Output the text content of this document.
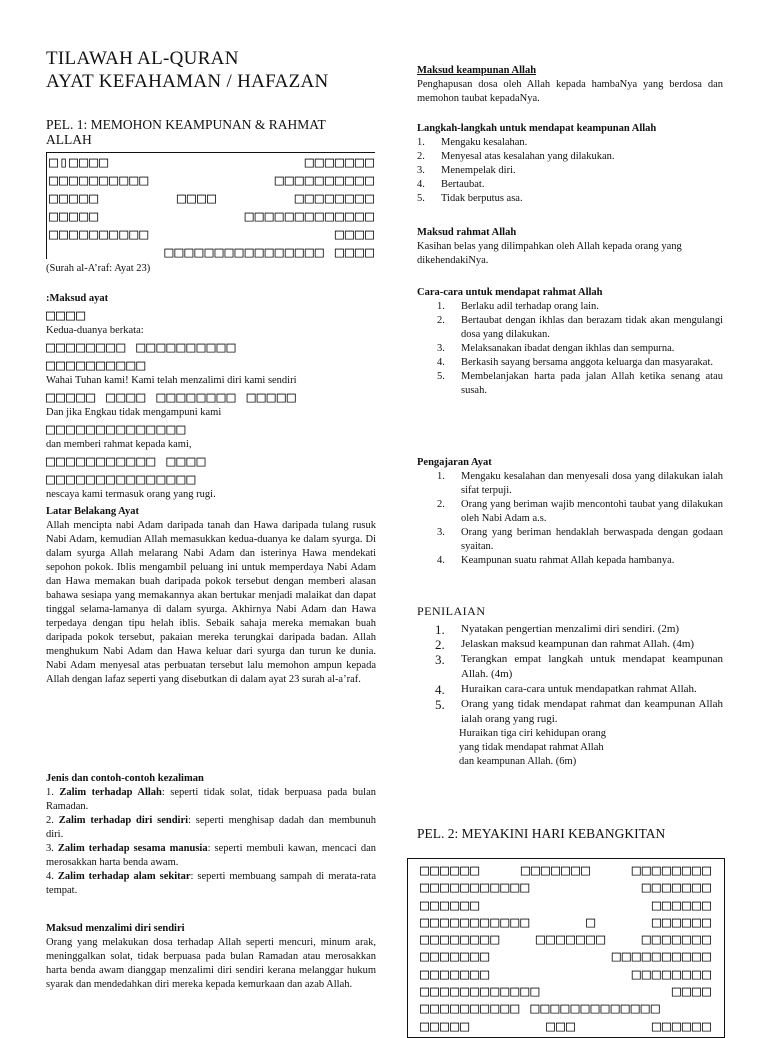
TILAWAH AL-QURAN
AYAT KEFAHAMAN / HAFAZAN

PEL. 1: MEMOHON KEAMPUNAN & RAHMAT ALLAH

□▯□□□□	□□□□□□□
□□□□□□□□□□	□□□□□□□□□□
□□□□□	□□□□	□□□□□□□□
□□□□□	□□□□□□□□□□□□□
□□□□□□□□□□	□□□□
□□□□□□□□□□□□□□□□ □□□□

(Surah al-A’raf: Ayat 23)

:Maksud ayat

□□□□
Kedua-duanya berkata:
□□□□□□□□ □□□□□□□□□□
□□□□□□□□□□
Wahai Tuhan kami! Kami telah menzalimi diri kami sendiri
□□□□□ □□□□ □□□□□□□□ □□□□□
Dan jika Engkau tidak mengampuni kami
□□□□□□□□□□□□□□
dan memberi rahmat kepada kami,
□□□□□□□□□□□ □□□□
□□□□□□□□□□□□□□□
nescaya kami termasuk orang yang rugi.

Latar Belakang Ayat

Allah mencipta nabi Adam daripada tanah dan Hawa daripada tulang rusuk Nabi Adam, kemudian Allah memasukkan kedua-duanya ke dalam syurga. Di dalam syurga Allah melarang Nabi Adam dan isterinya Hawa mendekati sepohon pokok. Iblis mengambil peluang ini untuk memperdaya Nabi Adam dan Hawa memakan buah daripada pokok tersebut dengan memberi alasan bahawa sesiapa yang memakannya akan bertukar menjadi malaikat dan dapat tinggal selama-lamanya di dalam syurga. Akhirnya Nabi Adam dan Hawa terpedaya dengan tipu helah iblis. Sebaik sahaja mereka memakan buah daripada pokok tersebut, pakaian mereka terungkai daripada badan. Allah menghukum Nabi Adam dan Hawa keluar dari syurga dan turun ke dunia. Nabi Adam menyesal atas perbuatan tersebut lalu memohon ampun kepada Allah dengan lafaz seperti yang disebutkan di dalam ayat 23 surah al-a’raf.

Jenis dan contoh-contoh kezaliman

1. Zalim terhadap Allah: seperti tidak solat, tidak berpuasa pada bulan Ramadan.

2. Zalim terhadap diri sendiri: seperti menghisap dadah dan membunuh diri.

3. Zalim terhadap sesama manusia: seperti membuli kawan, mencaci dan merosakkan harta benda awam.

4. Zalim terhadap alam sekitar: seperti membuang sampah di merata-rata tempat.

Maksud menzalimi diri sendiri

Orang yang melakukan dosa terhadap Allah seperti mencuri, minum arak, meninggalkan solat, tidak berpuasa pada bulan Ramadan atau merosakkan harta benda awam dianggap menzalimi diri sendiri kerana melanggar hukum syarak dan mendedahkan diri mereka kepada kemurkaan dan azab Allah.

Maksud keampunan Allah

Penghapusan dosa oleh Allah kepada hambaNya yang berdosa dan memohon taubat kepadaNya.

Langkah-langkah untuk mendapat keampunan Allah

1.	Mengaku kesalahan.
2.	Menyesal atas kesalahan yang dilakukan.
3.	Menempelak diri.
4.	Bertaubat.
5.	Tidak berputus asa.

Maksud rahmat Allah

Kasihan belas yang dilimpahkan oleh Allah kepada orang yang dikehendakiNya.

Cara-cara untuk mendapat rahmat Allah

1.	Berlaku adil terhadap orang lain.
2.	Bertaubat dengan ikhlas dan berazam tidak akan mengulangi dosa yang dilakukan.
3.	Melaksanakan ibadat dengan ikhlas dan sempurna.
4.	Berkasih sayang bersama anggota keluarga dan masyarakat.
5.	Membelanjakan harta pada jalan Allah ketika senang atau susah.

Pengajaran Ayat

1.	Mengaku kesalahan dan menyesali dosa yang dilakukan ialah sifat terpuji.
2.	Orang yang beriman wajib mencontohi taubat yang dilakukan oleh Nabi Adam a.s.
3.	Orang yang beriman hendaklah berwaspada dengan godaan syaitan.
4.	Keampunan suatu rahmat Allah kepada hambanya.

PENILAIAN

1.	Nyatakan pengertian menzalimi diri sendiri. (2m)
2.	Jelaskan maksud keampunan dan rahmat Allah. (4m)
3.	Terangkan empat langkah untuk mendapat keampunan Allah. (4m)
4.	Huraikan cara-cara untuk mendapatkan rahmat Allah.
5.	Orang yang tidak mendapat rahmat dan keampunan Allah ialah orang yang rugi.
Huraikan tiga ciri kehidupan orang
yang tidak mendapat rahmat Allah
dan keampunan Allah. (6m)

PEL. 2: MEYAKINI HARI KEBANGKITAN

□□□□□□	□□□□□□□	□□□□□□□□
□□□□□□□□□□□	□□□□□□□
□□□□□□	□□□□□□
□□□□□□□□□□□	□	□□□□□□
□□□□□□□□ □□□□□□□ □□□□□□□
□□□□□□□	□□□□□□□□□□
□□□□□□□	□□□□□□□□
□□□□□□□□□□□□	□□□□
□□□□□□□□□□ □□□□□□□□□□□□□
□□□□□	□□□	□□□□□□
